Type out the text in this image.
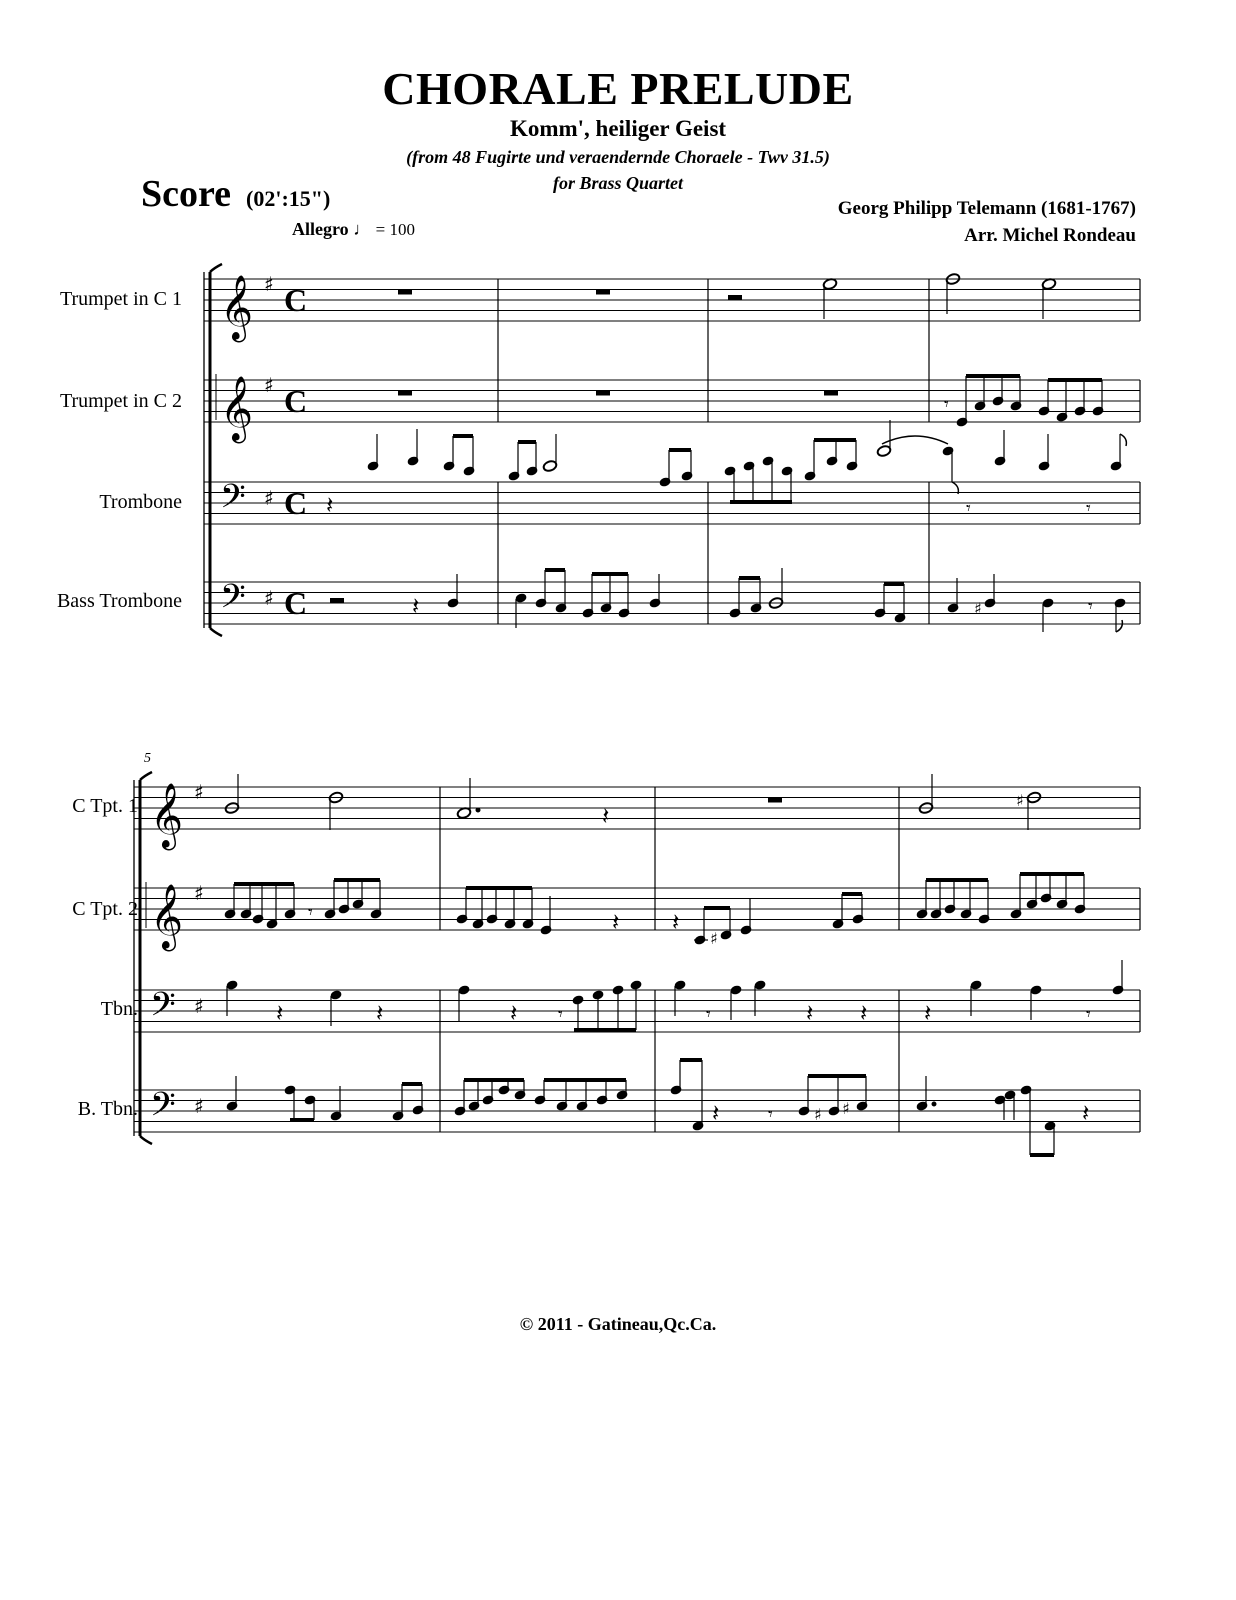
CHORALE PRELUDE
Komm', heiliger Geist
(from 48 Fugirte und veraendernde Choraele - Twv 31.5)
for Brass Quartet
Score (02':15")	Georg Philipp Telemann (1681-1767)
Arr. Michel Rondeau
Allegro ♩ = 100
Trumpet in C 1
Trumpet in C 2
Trombone
Bass Trombone
𝄞
𝄞
𝄢
𝄢
♯
♯
♯
♯
C
C
C
C
𝄾
𝄽	𝄾	𝄾
𝄽	♯	𝄾
5
C Tpt. 1
C Tpt. 2
Tbn.
B. Tbn.
𝄞
𝄞
𝄢
𝄢
♯
♯
♯
♯
𝄽
♯
𝄾	𝄽 𝄽
♯
𝄽	𝄽	𝄽 𝄾	𝄾	𝄽 𝄽 𝄽	𝄾
𝄽	𝄾	♯ ♯	𝄽
© 2011 - Gatineau,Qc.Ca.
